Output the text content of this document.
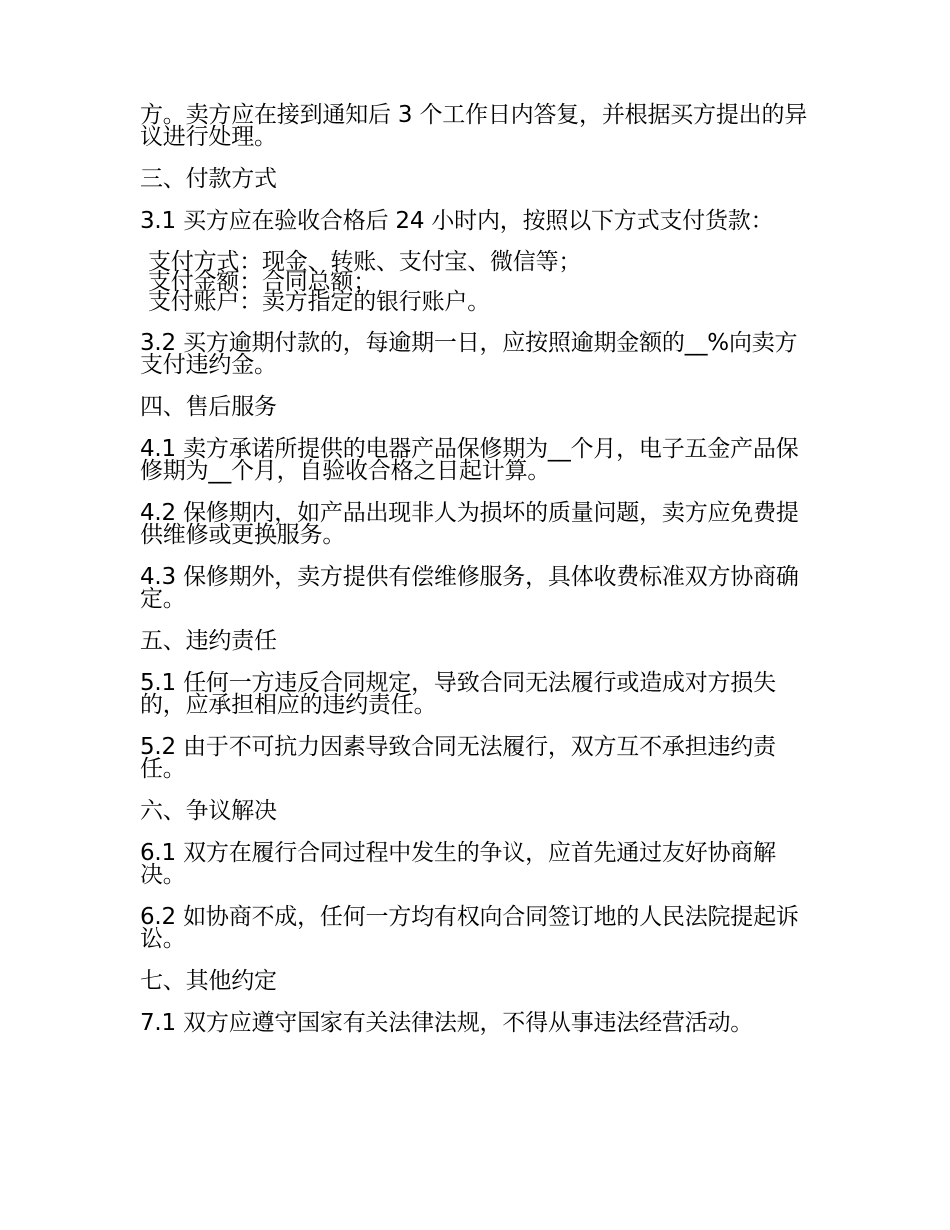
方。卖方应在接到通知后 3 个工作日内答复，并根据买方提出的异议进行处理。

三、付款方式

3.1 买方应在验收合格后 24 小时内，按照以下方式支付货款：

支付方式：现金、转账、支付宝、微信等；
支付金额：合同总额；
支付账户：卖方指定的银行账户。

3.2 买方逾期付款的，每逾期一日，应按照逾期金额的__%向卖方支付违约金。

四、售后服务

4.1 卖方承诺所提供的电器产品保修期为__个月，电子五金产品保修期为__个月，自验收合格之日起计算。

4.2 保修期内，如产品出现非人为损坏的质量问题，卖方应免费提供维修或更换服务。

4.3 保修期外，卖方提供有偿维修服务，具体收费标准双方协商确定。

五、违约责任

5.1 任何一方违反合同规定，导致合同无法履行或造成对方损失的，应承担相应的违约责任。

5.2 由于不可抗力因素导致合同无法履行，双方互不承担违约责任。

六、争议解决

6.1 双方在履行合同过程中发生的争议，应首先通过友好协商解决。

6.2 如协商不成，任何一方均有权向合同签订地的人民法院提起诉讼。

七、其他约定

7.1 双方应遵守国家有关法律法规，不得从事违法经营活动。
